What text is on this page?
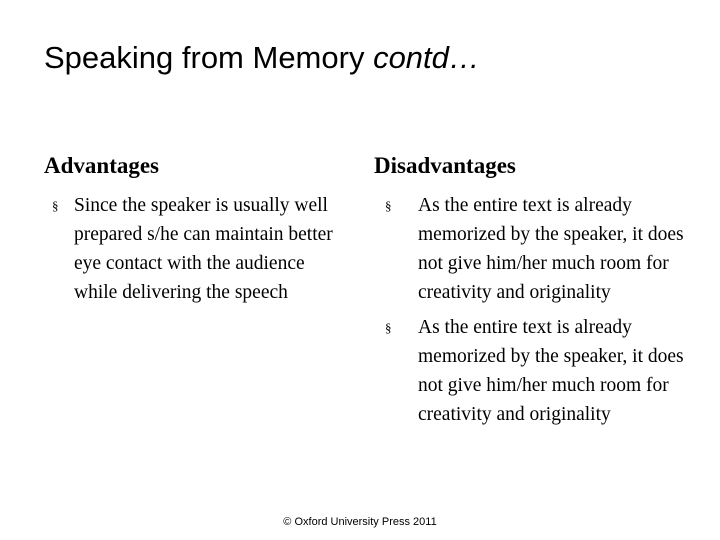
Speaking from Memory contd…
Advantages
§ Since the speaker is usually well prepared s/he can maintain better eye contact with the audience while delivering the speech
Disadvantages
§ As the entire text is already memorized by the speaker, it does not give him/her much room for creativity and originality
§ As the entire text is already memorized by the speaker, it does not give him/her much room for creativity and originality
© Oxford University Press 2011
